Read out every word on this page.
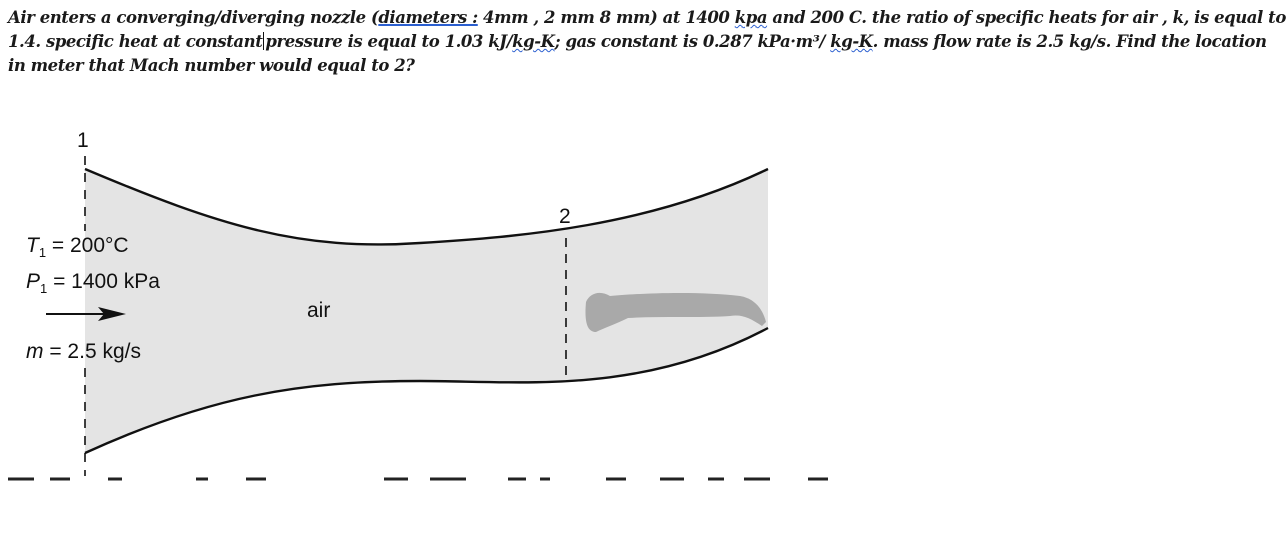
Air enters a converging/diverging nozzle (diameters : 4mm , 2 mm 8 mm) at 1400 kpa and 200 C. the ratio of specific heats for air , k, is equal to
1.4. specific heat at constant pressure is equal to 1.03 kJ/kg-K; gas constant is 0.287 kPa·m³/ kg-K. mass flow rate is 2.5 kg/s. Find the location
in meter that Mach number would equal to 2?
1
2
$T_1 = 200^\circ C$
$P_1 = 1400$ kPa
m = 2.5 kg/s
air
